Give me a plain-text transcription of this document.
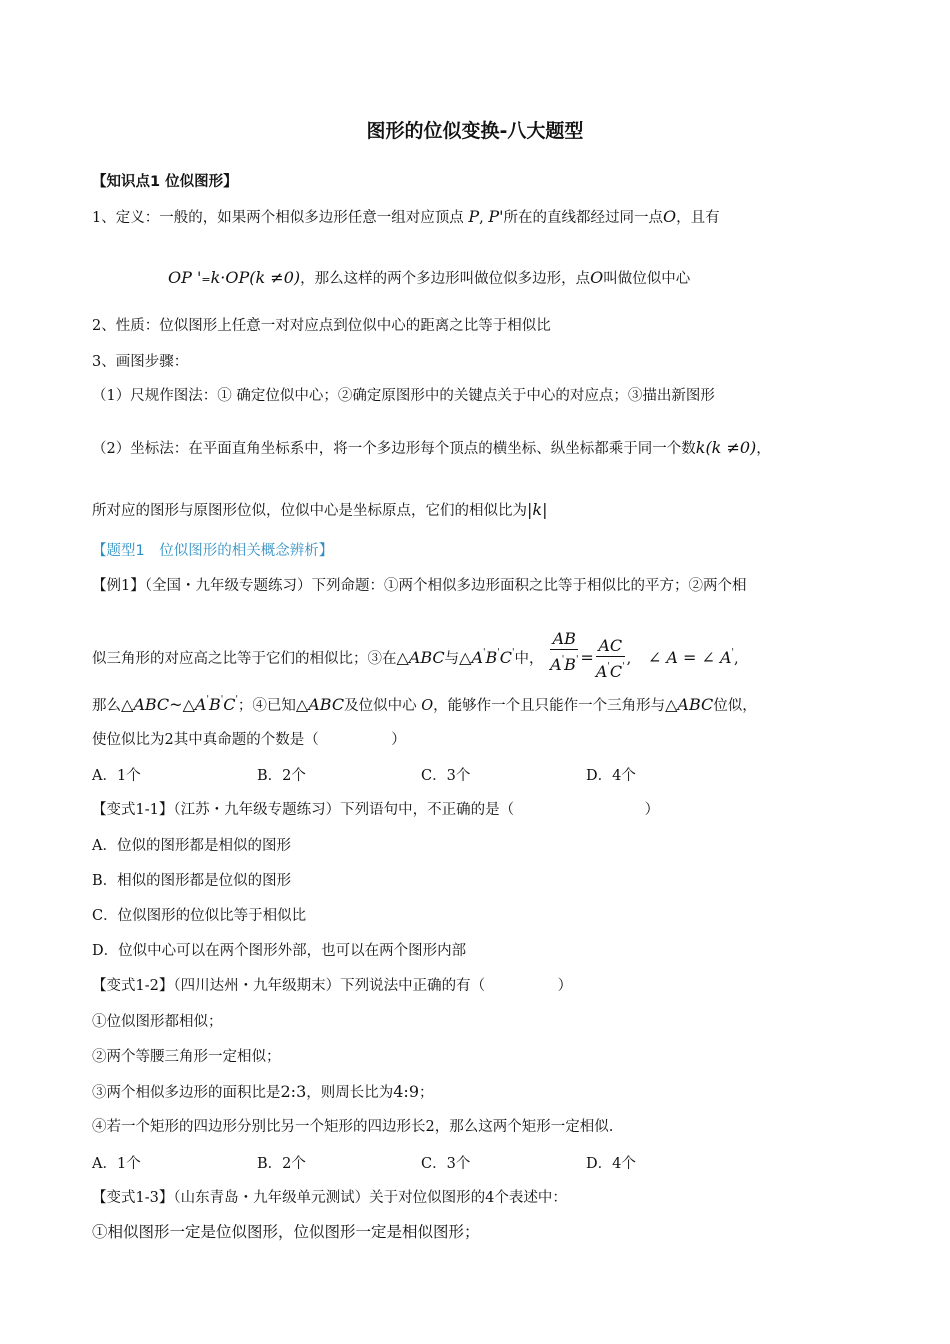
图形的位似变换-八大题型
【知识点1 位似图形】
1、定义：一般的，如果两个相似多边形任意一组对应顶点 P, P'所在的直线都经过同一点O，且有
OP '=k·OP(k ≠0)，那么这样的两个多边形叫做位似多边形，点O叫做位似中心
2、性质：位似图形上任意一对对应点到位似中心的距离之比等于相似比
3、画图步骤：
（1）尺规作图法：① 确定位似中心；②确定原图形中的关键点关于中心的对应点；③描出新图形
（2）坐标法：在平面直角坐标系中，将一个多边形每个顶点的横坐标、纵坐标都乘于同一个数k(k ≠0)，
所对应的图形与原图形位似，位似中心是坐标原点，它们的相似比为|k|
【题型1　位似图形的相关概念辨析】
【例1】（全国・九年级专题练习）下列命题：①两个相似多边形面积之比等于相似比的平方；②两个相
似三角形的对应高之比等于它们的相似比；③在△ABC与△A'B'C'中， $\frac{AB}{A'B'} = \frac{AC}{A'C'}$ , ∠ A = ∠ A',
那么△ABC~△A'B'C'；④已知△ABC及位似中心 O，能够作一个且只能作一个三角形与△ABC位似，
使位似比为2其中真命题的个数是（　　　　　）
A．1个	B．2个	C．3个	D．4个
【变式1-1】（江苏・九年级专题练习）下列语句中，不正确的是（　　　　　　　　　）
A．位似的图形都是相似的图形
B．相似的图形都是位似的图形
C．位似图形的位似比等于相似比
D．位似中心可以在两个图形外部，也可以在两个图形内部
【变式1-2】（四川达州・九年级期末）下列说法中正确的有（　　　　　）
①位似图形都相似；
②两个等腰三角形一定相似；
③两个相似多边形的面积比是2:3，则周长比为4:9；
④若一个矩形的四边形分别比另一个矩形的四边形长2，那么这两个矩形一定相似.
A．1个	B．2个	C．3个	D．4个
【变式1-3】（山东青岛・九年级单元测试）关于对位似图形的4个表述中：
①相似图形一定是位似图形，位似图形一定是相似图形；
